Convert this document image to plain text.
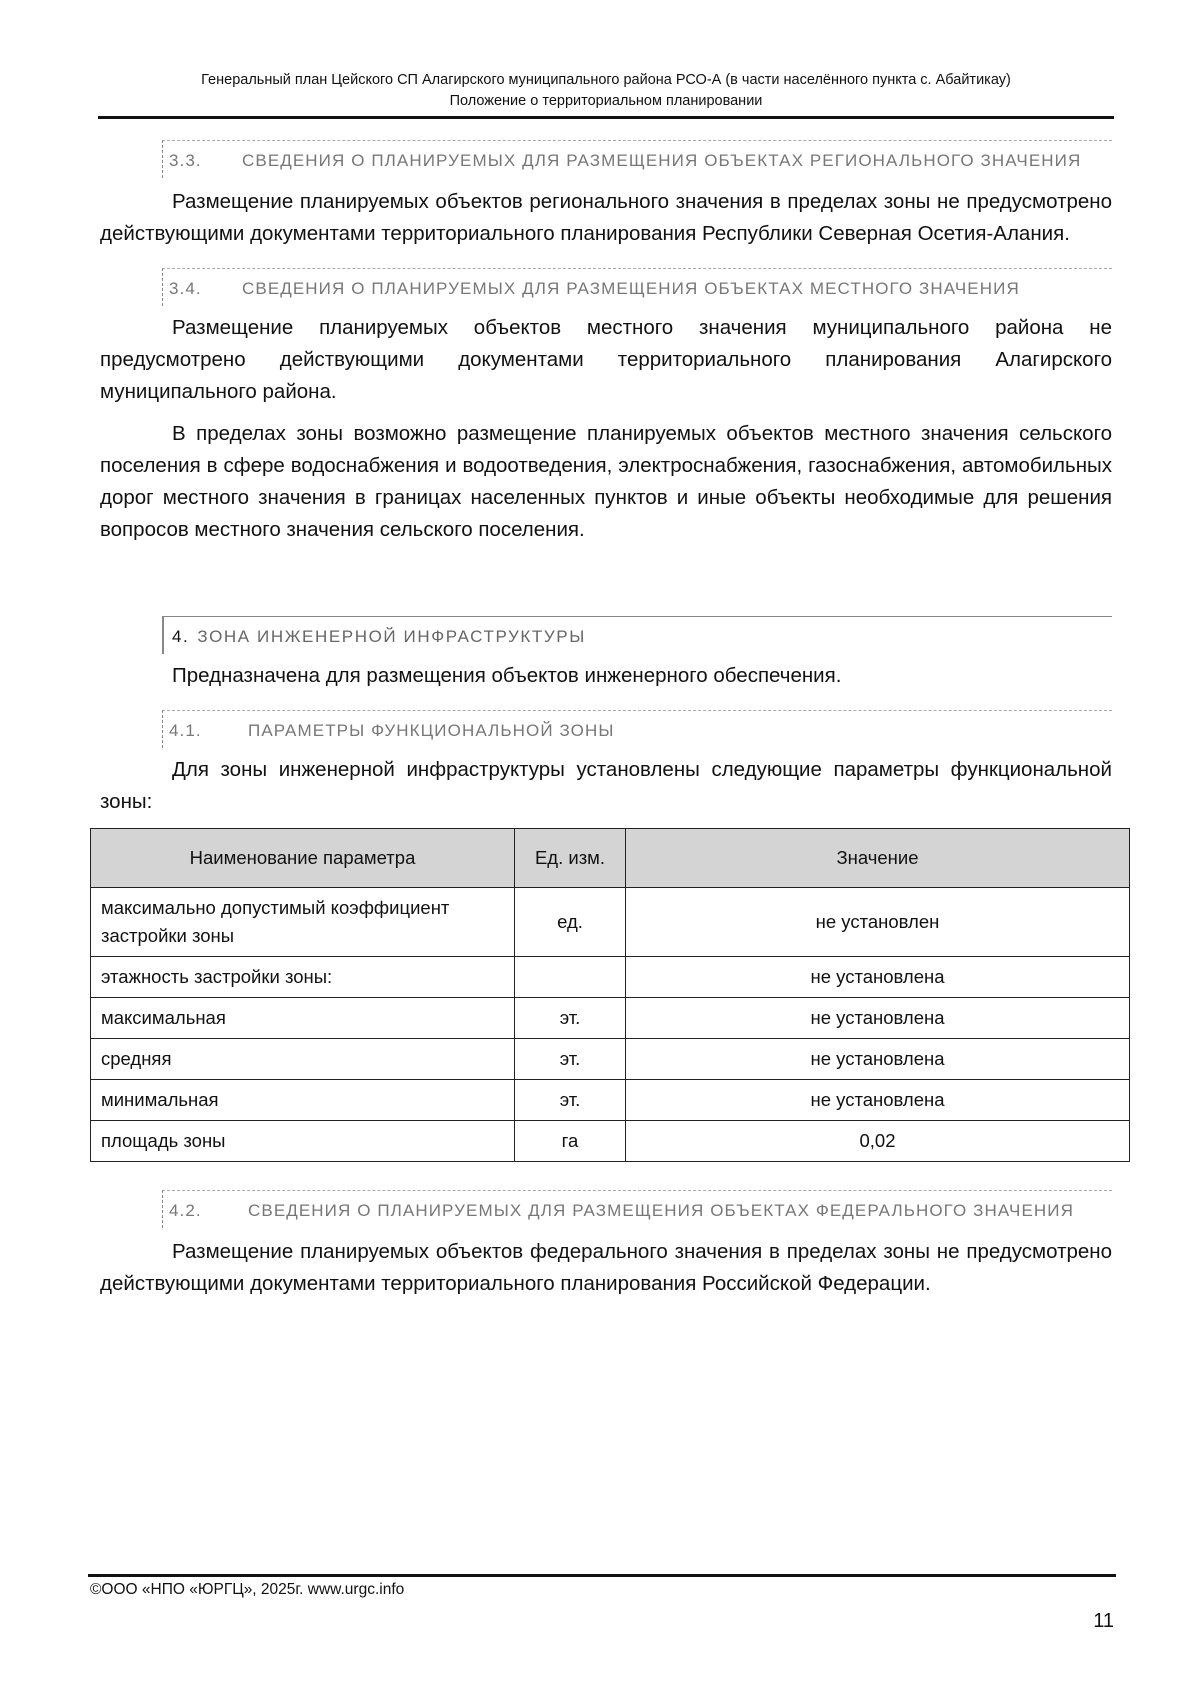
Генеральный план Цейского СП Алагирского муниципального района РСО-А (в части населённого пункта с. Абайтикау)
Положение о территориальном планировании
3.3.	СВЕДЕНИЯ О ПЛАНИРУЕМЫХ ДЛЯ РАЗМЕЩЕНИЯ ОБЪЕКТАХ РЕГИОНАЛЬНОГО ЗНАЧЕНИЯ

Размещение планируемых объектов регионального значения в пределах зоны не предусмотрено действующими документами территориального планирования Республики Северная Осетия-Алания.

3.4.	СВЕДЕНИЯ О ПЛАНИРУЕМЫХ ДЛЯ РАЗМЕЩЕНИЯ ОБЪЕКТАХ МЕСТНОГО ЗНАЧЕНИЯ

Размещение планируемых объектов местного значения муниципального района не предусмотрено действующими документами территориального планирования Алагирского муниципального района.

В пределах зоны возможно размещение планируемых объектов местного значения сельского поселения в сфере водоснабжения и водоотведения, электроснабжения, газоснабжения, автомобильных дорог местного значения в границах населенных пунктов и иные объекты необходимые для решения вопросов местного значения сельского поселения.

4. ЗОНА ИНЖЕНЕРНОЙ ИНФРАСТРУКТУРЫ

Предназначена для размещения объектов инженерного обеспечения.

4.1.	ПАРАМЕТРЫ ФУНКЦИОНАЛЬНОЙ ЗОНЫ

Для зоны инженерной инфраструктуры установлены следующие параметры функциональной зоны:

Наименование параметра	Ед. изм.	Значение
максимально допустимый коэффициент застройки зоны	ед.	не установлен
этажность застройки зоны:		не установлена
максимальная	эт.	не установлена
средняя	эт.	не установлена
минимальная	эт.	не установлена
площадь зоны	га	0,02
4.2.	СВЕДЕНИЯ О ПЛАНИРУЕМЫХ ДЛЯ РАЗМЕЩЕНИЯ ОБЪЕКТАХ ФЕДЕРАЛЬНОГО ЗНАЧЕНИЯ

Размещение планируемых объектов федерального значения в пределах зоны не предусмотрено действующими документами территориального планирования Российской Федерации.

©ООО «НПО «ЮРГЦ», 2025г. www.urgc.info
11
